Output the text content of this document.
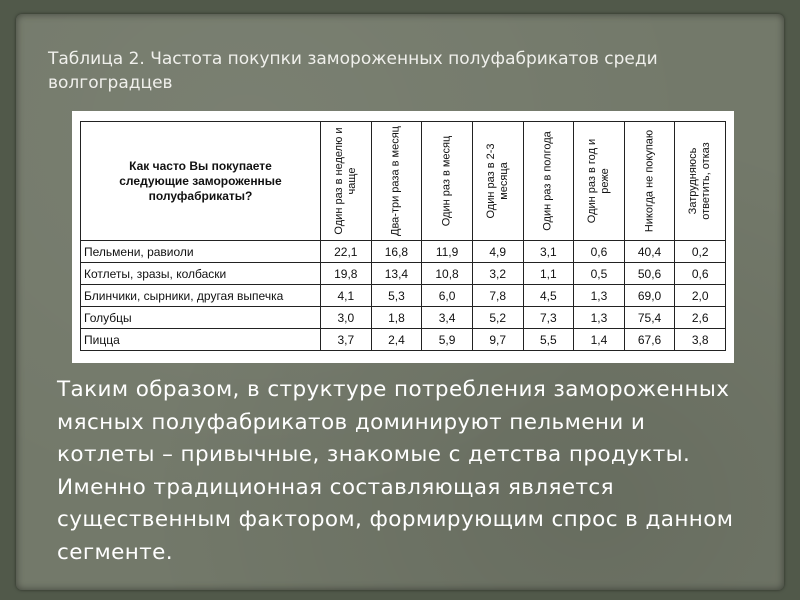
Таблица 2. Частота покупки замороженных полуфабрикатов среди волгоградцев
Как часто Вы покупаете следующие замороженные полуфабрикаты?	Один раз в неделю и чаще	Два-три раза в месяц	Один раз в месяц	Один раз в 2-3 месяца	Один раз в полгода	Один раз в год и реже	Никогда не покупаю	Затрудняюсь ответить, отказ

Пельмени, равиоли	22,1	16,8	11,9	4,9	3,1	0,6	40,4	0,2
Котлеты, зразы, колбаски	19,8	13,4	10,8	3,2	1,1	0,5	50,6	0,6
Блинчики, сырники, другая выпечка	4,1	5,3	6,0	7,8	4,5	1,3	69,0	2,0
Голубцы	3,0	1,8	3,4	5,2	7,3	1,3	75,4	2,6
Пицца	3,7	2,4	5,9	9,7	5,5	1,4	67,6	3,8
Таким образом, в структуре потребления замороженных мясных полуфабрикатов доминируют пельмени и котлеты – привычные, знакомые с детства продукты. Именно традиционная составляющая является существенным фактором, формирующим спрос в данном сегменте.
